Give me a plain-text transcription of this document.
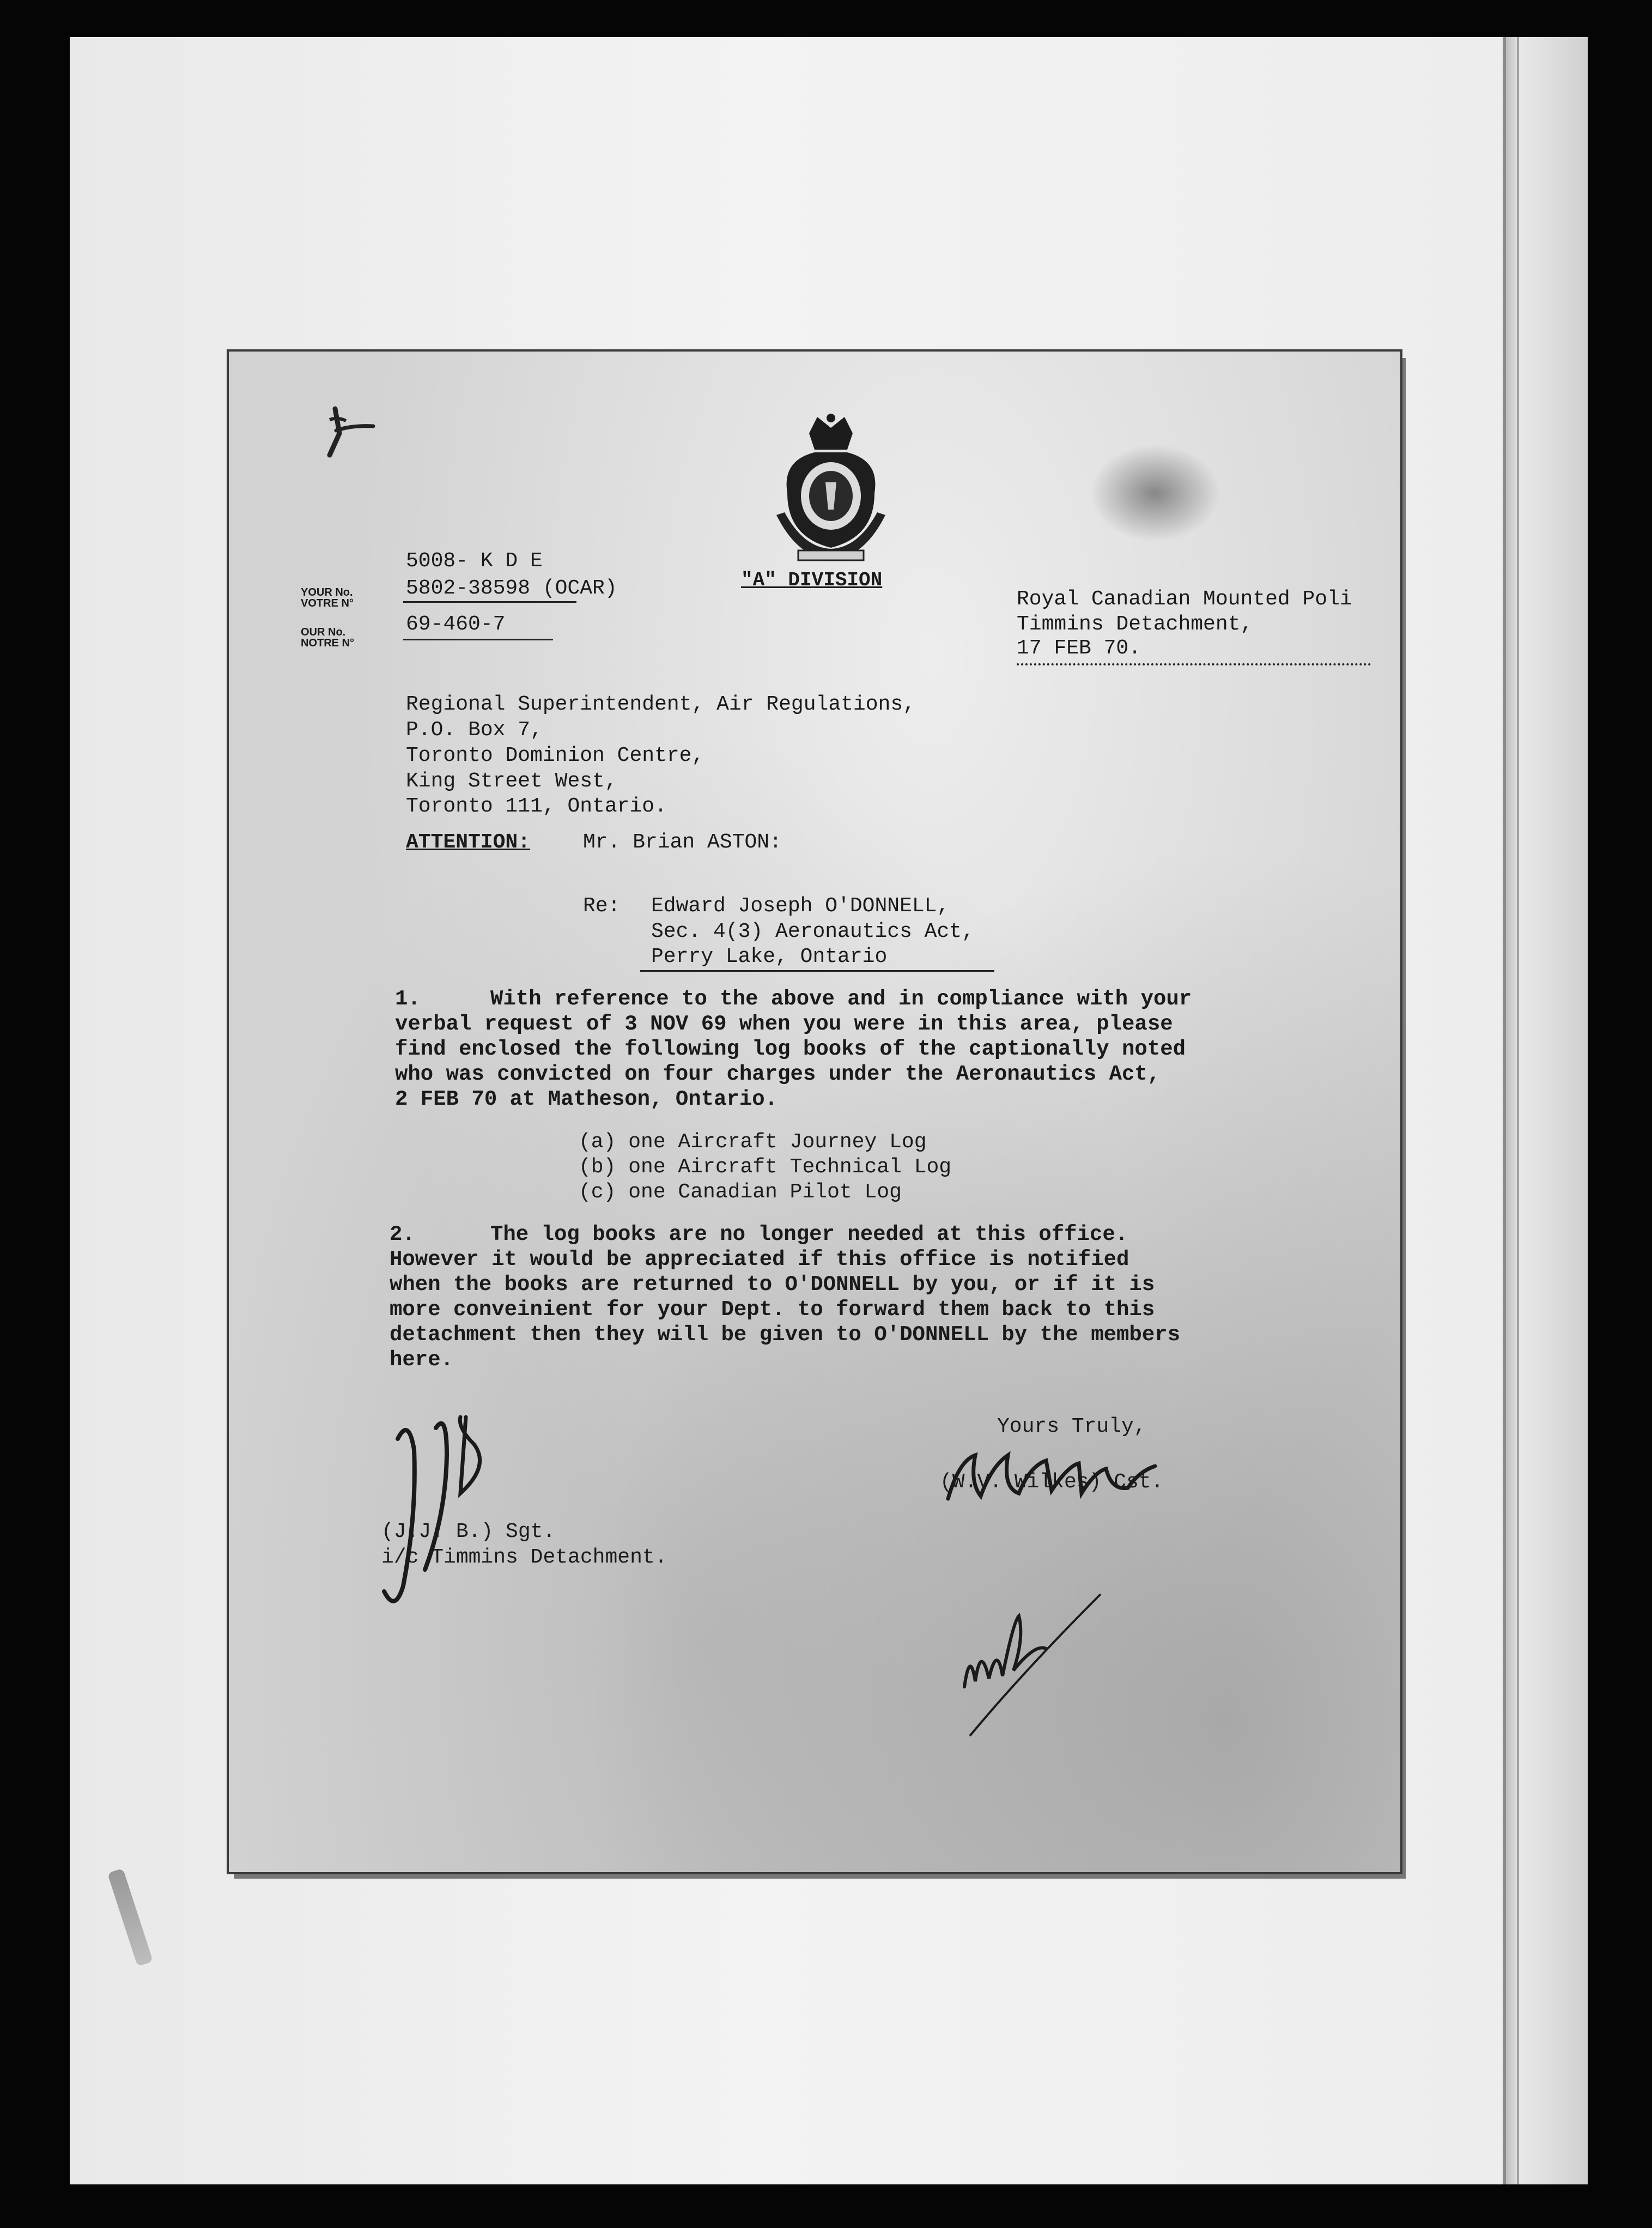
"A" DIVISION
5008- K D E
YOUR No.
VOTRE N°
5802-38598 (OCAR)
OUR No.
NOTRE N°
69-460-7
Royal Canadian Mounted Poli
Timmins Detachment,
17 FEB 70.
Regional Superintendent, Air Regulations,
P.O. Box 7,
Toronto Dominion Centre,
King Street West,
Toronto 111, Ontario.
ATTENTION:	Mr. Brian ASTON:
Re: Edward Joseph O'DONNELL,
Sec. 4(3) Aeronautics Act,
Perry Lake, Ontario
1.	With reference to the above and in compliance with your
verbal request of 3 NOV 69 when you were in this area, please
find enclosed the following log books of the captionally noted
who was convicted on four charges under the Aeronautics Act,
2 FEB 70 at Matheson, Ontario.
(a) one Aircraft Journey Log
(b) one Aircraft Technical Log
(c) one Canadian Pilot Log
2.	The log books are no longer needed at this office.
However it would be appreciated if this office is notified
when the books are returned to O'DONNELL by you, or if it is
more conveinient for your Dept. to forward them back to this
detachment then they will be given to O'DONNELL by the members
here.
Yours Truly,
(W.V. Wilkes) Cst.
(J.J. B.) Sgt.
i/c Timmins Detachment.
